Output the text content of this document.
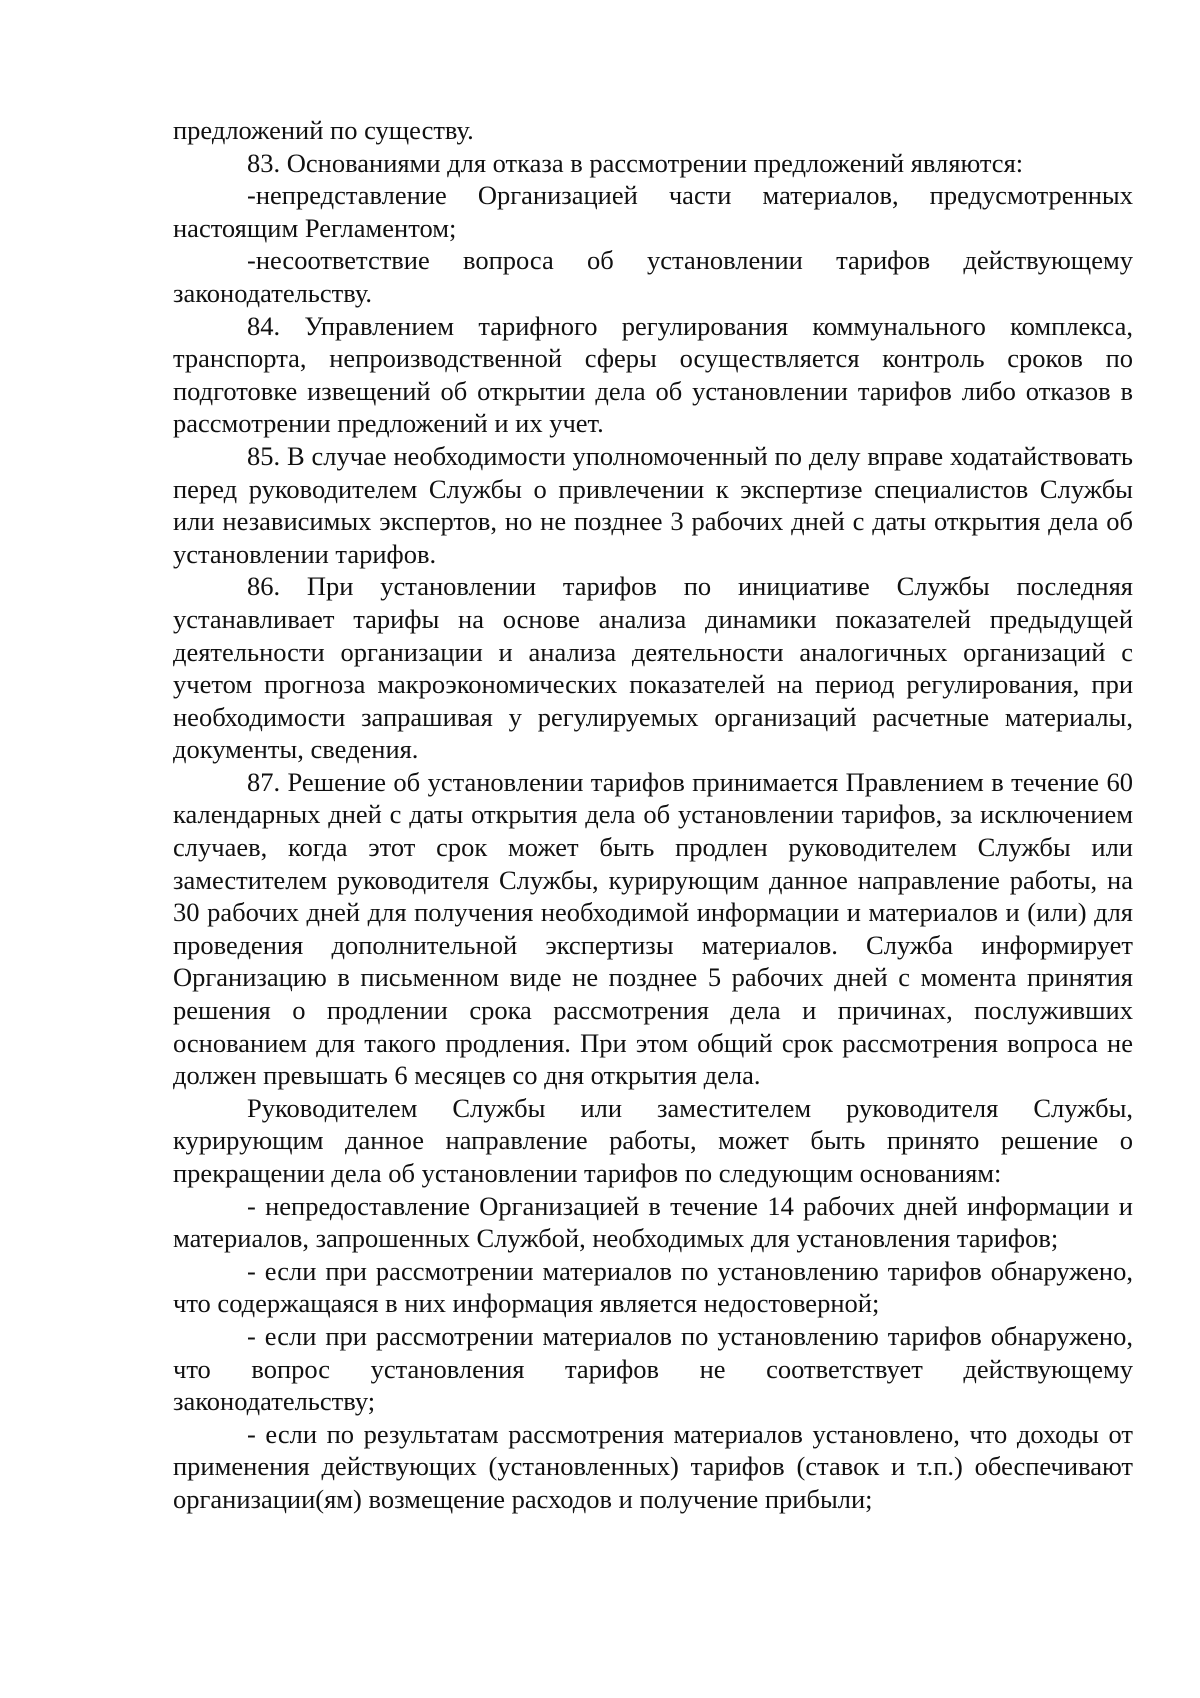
предложений по существу.

83. Основаниями для отказа в рассмотрении предложений являются:

-непредставление Организацией части материалов, предусмотренных настоящим Регламентом;

-несоответствие вопроса об установлении тарифов действующему законодательству.

84. Управлением тарифного регулирования коммунального комплекса, транспорта, непроизводственной сферы осуществляется контроль сроков по подготовке извещений об открытии дела об установлении тарифов либо отказов в рассмотрении предложений и их учет.

85. В случае необходимости уполномоченный по делу вправе ходатайствовать перед руководителем Службы о привлечении к экспертизе специалистов Службы или независимых экспертов, но не позднее 3 рабочих дней с даты открытия дела об установлении тарифов.

86. При установлении тарифов по инициативе Службы последняя устанавливает тарифы на основе анализа динамики показателей предыдущей деятельности организации и анализа деятельности аналогичных организаций с учетом прогноза макроэкономических показателей на период регулирования, при необходимости запрашивая у регулируемых организаций расчетные материалы, документы, сведения.

87. Решение об установлении тарифов принимается Правлением в течение 60 календарных дней с даты открытия дела об установлении тарифов, за исключением случаев, когда этот срок может быть продлен руководителем Службы или заместителем руководителя Службы, курирующим данное направление работы, на 30 рабочих дней для получения необходимой информации и материалов и (или) для проведения дополнительной экспертизы материалов. Служба информирует Организацию в письменном виде не позднее 5 рабочих дней с момента принятия решения о продлении срока рассмотрения дела и причинах, послуживших основанием для такого продления. При этом общий срок рассмотрения вопроса не должен превышать 6 месяцев со дня открытия дела.

Руководителем Службы или заместителем руководителя Службы, курирующим данное направление работы, может быть принято решение о прекращении дела об установлении тарифов по следующим основаниям:

- непредоставление Организацией в течение 14 рабочих дней информации и материалов, запрошенных Службой, необходимых для установления тарифов;

- если при рассмотрении материалов по установлению тарифов обнаружено, что содержащаяся в них информация является недостоверной;

- если при рассмотрении материалов по установлению тарифов обнаружено, что вопрос установления тарифов не соответствует действующему законодательству;

- если по результатам рассмотрения материалов установлено, что доходы от применения действующих (установленных) тарифов (ставок и т.п.) обеспечивают организации(ям) возмещение расходов и получение прибыли;
